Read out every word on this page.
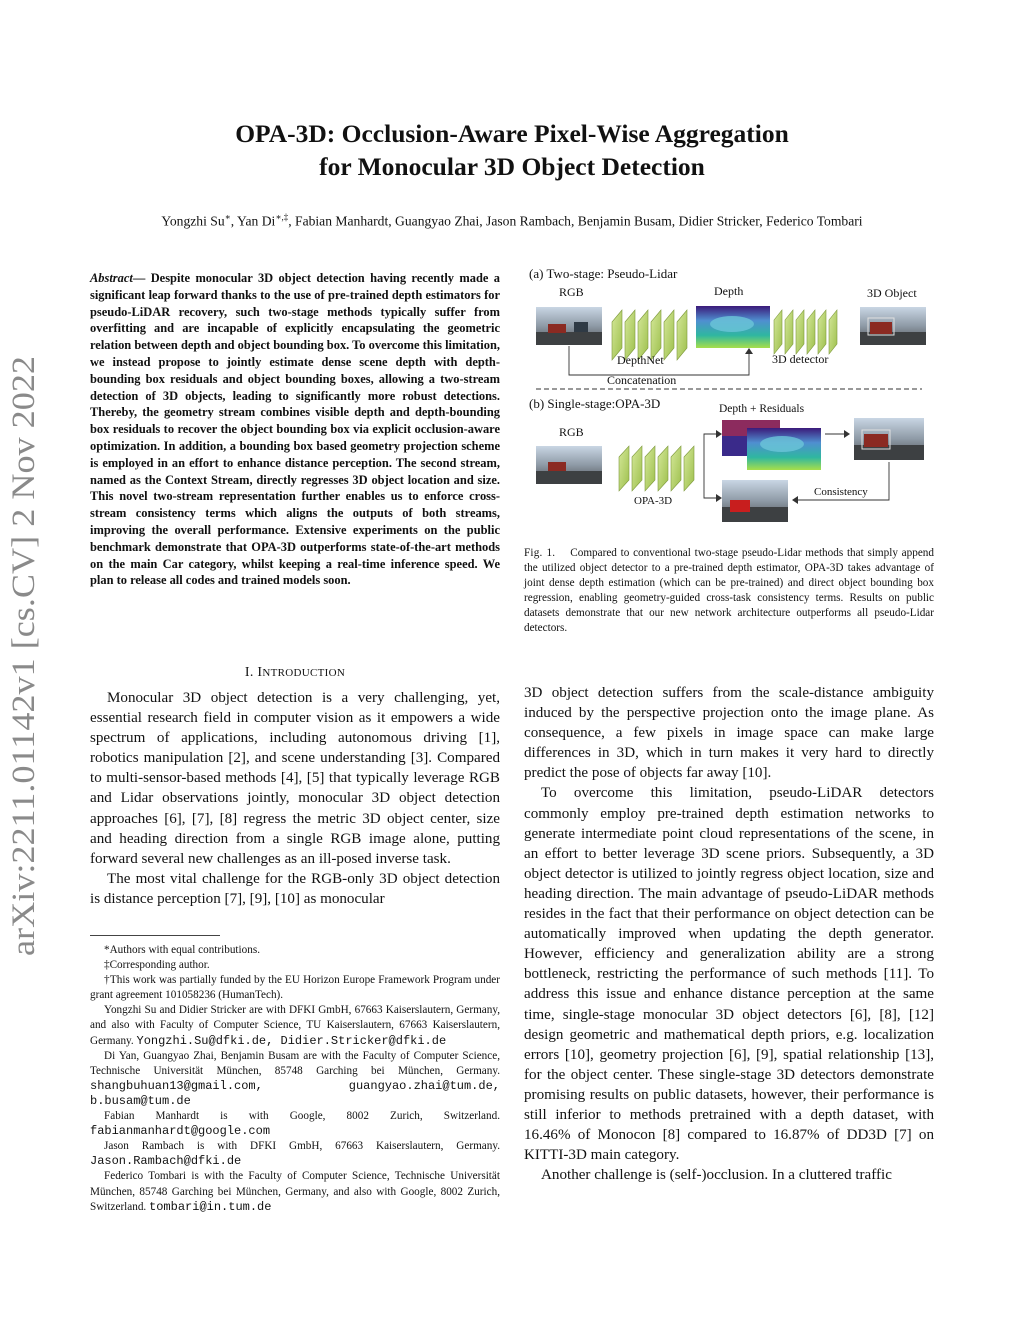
arXiv:2211.01142v1 [cs.CV] 2 Nov 2022
OPA-3D: Occlusion-Aware Pixel-Wise Aggregation
for Monocular 3D Object Detection
Yongzhi Su∗, Yan Di∗,‡, Fabian Manhardt, Guangyao Zhai, Jason Rambach, Benjamin Busam, Didier Stricker, Federico Tombari
Abstract— Despite monocular 3D object detection having recently made a significant leap forward thanks to the use of pre-trained depth estimators for pseudo-LiDAR recovery, such two-stage methods typically suffer from overfitting and are incapable of explicitly encapsulating the geometric relation between depth and object bounding box. To overcome this limitation, we instead propose to jointly estimate dense scene depth with depth-bounding box residuals and object bounding boxes, allowing a two-stream detection of 3D objects, leading to significantly more robust detections. Thereby, the geometry stream combines visible depth and depth-bounding box residuals to recover the object bounding box via explicit occlusion-aware optimization. In addition, a bounding box based geometry projection scheme is employed in an effort to enhance distance perception. The second stream, named as the Context Stream, directly regresses 3D object location and size. This novel two-stream representation further enables us to enforce cross-stream consistency terms which aligns the outputs of both streams, improving the overall performance. Extensive experiments on the public benchmark demonstrate that OPA-3D outperforms state-of-the-art methods on the main Car category, whilst keeping a real-time inference speed. We plan to release all codes and trained models soon.
I. INTRODUCTION

Monocular 3D object detection is a very challenging, yet, essential research field in computer vision as it empowers a wide spectrum of applications, including autonomous driving [1], robotics manipulation [2], and scene understanding [3]. Compared to multi-sensor-based methods [4], [5] that typically leverage RGB and Lidar observations jointly, monocular 3D object detection approaches [6], [7], [8] regress the metric 3D object center, size and heading direction from a single RGB image alone, putting forward several new challenges as an ill-posed inverse task.

The most vital challenge for the RGB-only 3D object detection is distance perception [7], [9], [10] as monocular

*Authors with equal contributions.

‡Corresponding author.

†This work was partially funded by the EU Horizon Europe Framework Program under grant agreement 101058236 (HumanTech).

Yongzhi Su and Didier Stricker are with DFKI GmbH, 67663 Kaiserslautern, Germany, and also with Faculty of Computer Science, TU Kaiserslautern, 67663 Kaiserslautern, Germany. Yongzhi.Su@dfki.de, Didier.Stricker@dfki.de

Di Yan, Guangyao Zhai, Benjamin Busam are with the Faculty of Computer Science, Technische Universität München, 85748 Garching bei München, Germany. shangbuhuan13@gmail.com, guangyao.zhai@tum.de, b.busam@tum.de

Fabian Manhardt is with Google, 8002 Zurich, Switzerland. fabianmanhardt@google.com

Jason Rambach is with DFKI GmbH, 67663 Kaiserslautern, Germany. Jason.Rambach@dfki.de

Federico Tombari is with the Faculty of Computer Science, Technische Universität München, 85748 Garching bei München, Germany, and also with Google, 8002 Zurich, Switzerland. tombari@in.tum.de

(a) Two-stage: Pseudo-Lidar
RGB	Depth	3D Object
DepthNet	3D detector
Concatenation
(b) Single-stage:OPA-3D	Depth + Residuals
RGB
OPA-3D
Consistency
Fig. 1. Compared to conventional two-stage pseudo-Lidar methods that simply append the utilized object detector to a pre-trained depth estimator, OPA-3D takes advantage of joint dense depth estimation (which can be pre-trained) and direct object bounding box regression, enabling geometry-guided cross-task consistency terms. Results on public datasets demonstrate that our new network architecture outperforms all pseudo-Lidar detectors.

3D object detection suffers from the scale-distance ambiguity induced by the perspective projection onto the image plane. As consequence, a few pixels in image space can make large differences in 3D, which in turn makes it very hard to directly predict the pose of objects far away [10].

To overcome this limitation, pseudo-LiDAR detectors commonly employ pre-trained depth estimation networks to generate intermediate point cloud representations of the scene, in an effort to better leverage 3D scene priors. Subsequently, a 3D object detector is utilized to jointly regress object location, size and heading direction. The main advantage of pseudo-LiDAR methods resides in the fact that their performance on object detection can be automatically improved when updating the depth generator. However, efficiency and generalization ability are a strong bottleneck, restricting the performance of such methods [11]. To address this issue and enhance distance perception at the same time, single-stage monocular 3D object detectors [6], [8], [12] design geometric and mathematical depth priors, e.g. localization errors [10], geometry projection [6], [9], spatial relationship [13], for the object center. These single-stage 3D detectors demonstrate promising results on public datasets, however, their performance is still inferior to methods pretrained with a depth dataset, with 16.46% of Monocon [8] compared to 16.87% of DD3D [7] on KITTI-3D main category.

Another challenge is (self-)occlusion. In a cluttered traffic
